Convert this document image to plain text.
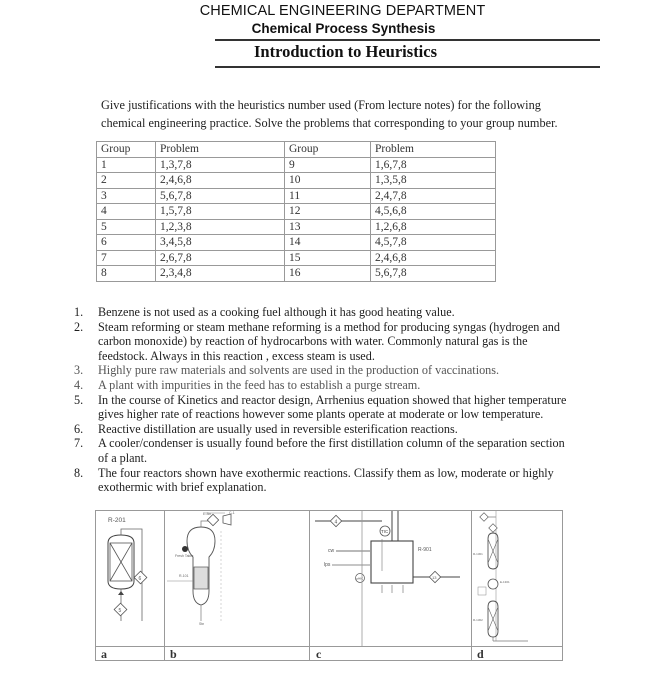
CHEMICAL ENGINEERING DEPARTMENT
Chemical Process Synthesis
Introduction to Heuristics
Give justifications with the heuristics number used (From lecture notes) for the following
chemical engineering practice. Solve the problems that corresponding to your group number.
Group	Problem	Group	Problem
1	1,3,7,8	9	1,6,7,8
2	2,4,6,8	10	1,3,5,8
3	5,6,7,8	11	2,4,7,8
4	1,5,7,8	12	4,5,6,8
5	1,2,3,8	13	1,2,6,8
6	3,4,5,8	14	4,5,7,8
7	2,6,7,8	15	2,4,6,8
8	2,3,4,8	16	5,6,7,8
1. Benzene is not used as a cooking fuel although it has good heating value.
2. Steam reforming or steam methane reforming is a method for producing syngas (hydrogen and
carbon monoxide) by reaction of hydrocarbons with water. Commonly natural gas is the
feedstock. Always in this reaction , excess steam is used.
3. Highly pure raw materials and solvents are used in the production of vaccinations.
4. A plant with impurities in the feed has to establish a purge stream.
5. In the course of Kinetics and reactor design, Arrhenius equation showed that higher temperature
gives higher rate of reactions however some plants operate at moderate or low temperature.
6. Reactive distillation are usually used in reversible esterification reactions.
7. A cooler/condenser is usually found before the first distillation column of the separation section
of a plant.
8. The four reactors shown have exothermic reactions. Classify them as low, moderate or highly
exothermic with brief explanation.
R-201
6
5
E-3in	C-1
Fresh Taker
R-101
Stn
4
TIC
R-901
cw
lps
pHIC	13
R-1301
E-1301
R-1302
a	b	c	d
